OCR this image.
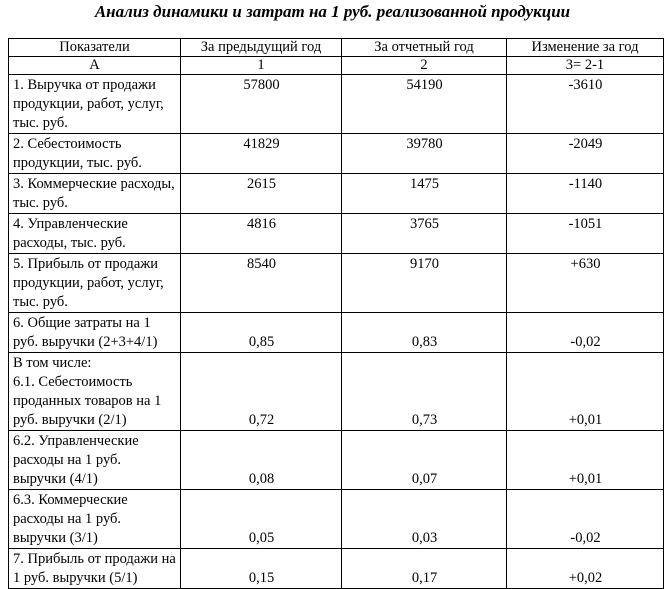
Анализ динамики и затрат на 1 руб. реализованной продукции
Показатели	За предыдущий год	За отчетный год	Изменение за год
А	1	2	3= 2-1
1. Выручка от продажи продукции, работ, услуг, тыс. руб.	57800	54190	-3610
2. Себестоимость продукции, тыс. руб.	41829	39780	-2049
3. Коммерческие расходы, тыс. руб.	2615	1475	-1140
4. Управленческие расходы, тыс. руб.	4816	3765	-1051
5. Прибыль от продажи продукции, работ, услуг, тыс. руб.	8540	9170	+630
6. Общие затраты на 1 руб. выручки (2+3+4/1)	0,85	0,83	-0,02

В том числе:
6.1. Себестоимость проданных товаров на 1 руб. выручки (2/1)	0,72	0,73	+0,01
6.2. Управленческие расходы на 1 руб. выручки (4/1)	0,08	0,07	+0,01
6.3. Коммерческие расходы на 1 руб. выручки (3/1)	0,05	0,03	-0,02
7. Прибыль от продажи на 1 руб. выручки (5/1)	0,15	0,17	+0,02
